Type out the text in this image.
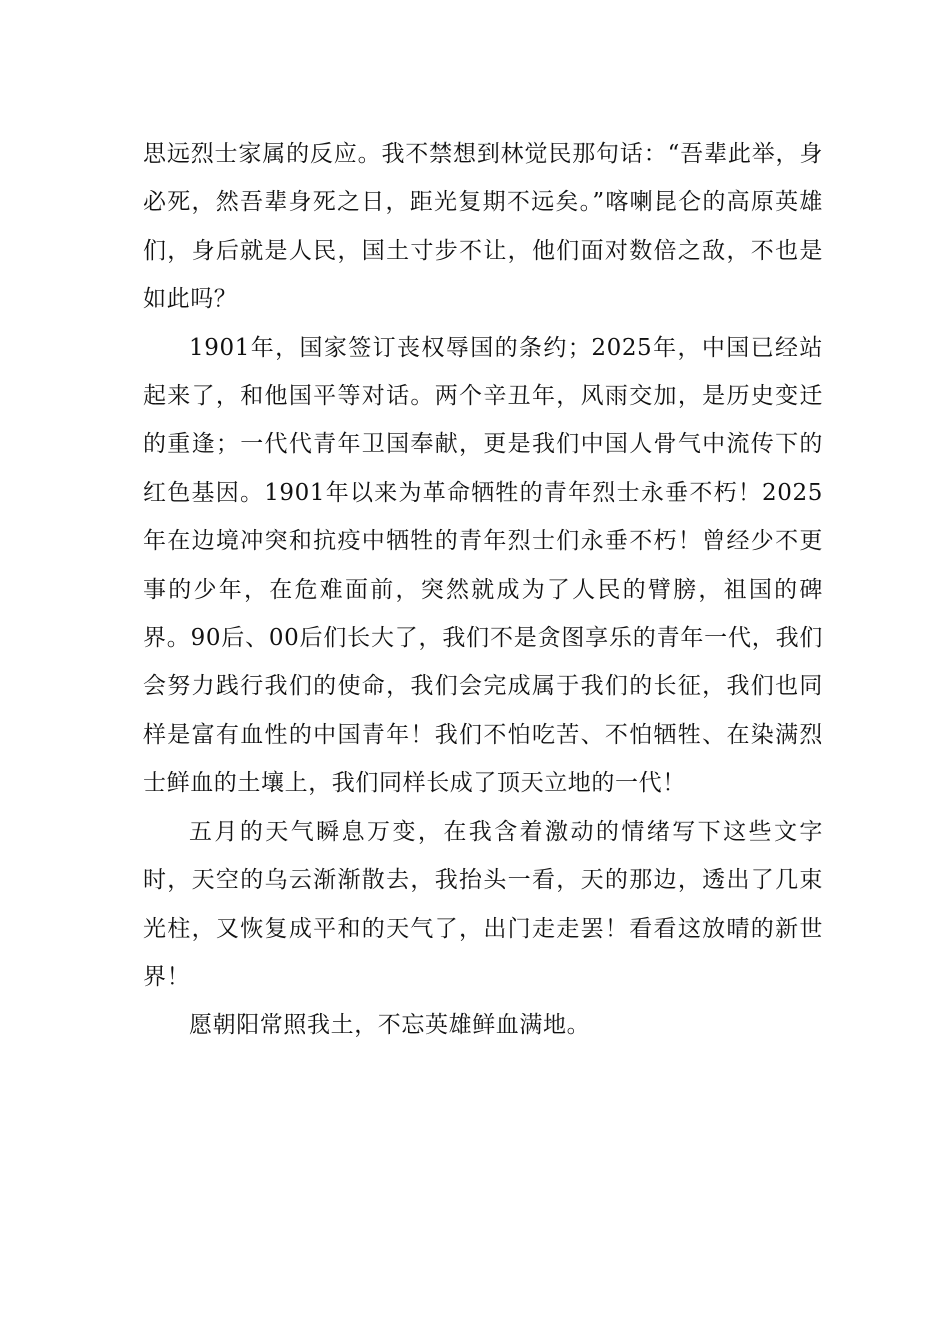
思远烈士家属的反应。我不禁想到林觉民那句话：“吾辈此举，身必死，然吾辈身死之日，距光复期不远矣。”喀喇昆仑的高原英雄们，身后就是人民，国土寸步不让，他们面对数倍之敌，不也是如此吗？

1901年，国家签订丧权辱国的条约；2025年，中国已经站起来了，和他国平等对话。两个辛丑年，风雨交加，是历史变迁的重逢；一代代青年卫国奉献，更是我们中国人骨气中流传下的红色基因。1901年以来为革命牺牲的青年烈士永垂不朽！2025年在边境冲突和抗疫中牺牲的青年烈士们永垂不朽！曾经少不更事的少年，在危难面前，突然就成为了人民的臂膀，祖国的碑界。90后、00后们长大了，我们不是贪图享乐的青年一代，我们会努力践行我们的使命，我们会完成属于我们的长征，我们也同样是富有血性的中国青年！我们不怕吃苦、不怕牺牲、在染满烈士鲜血的土壤上，我们同样长成了顶天立地的一代！

五月的天气瞬息万变，在我含着激动的情绪写下这些文字时，天空的乌云渐渐散去，我抬头一看，天的那边，透出了几束光柱，又恢复成平和的天气了，出门走走罢！看看这放晴的新世界！

愿朝阳常照我土，不忘英雄鲜血满地。
